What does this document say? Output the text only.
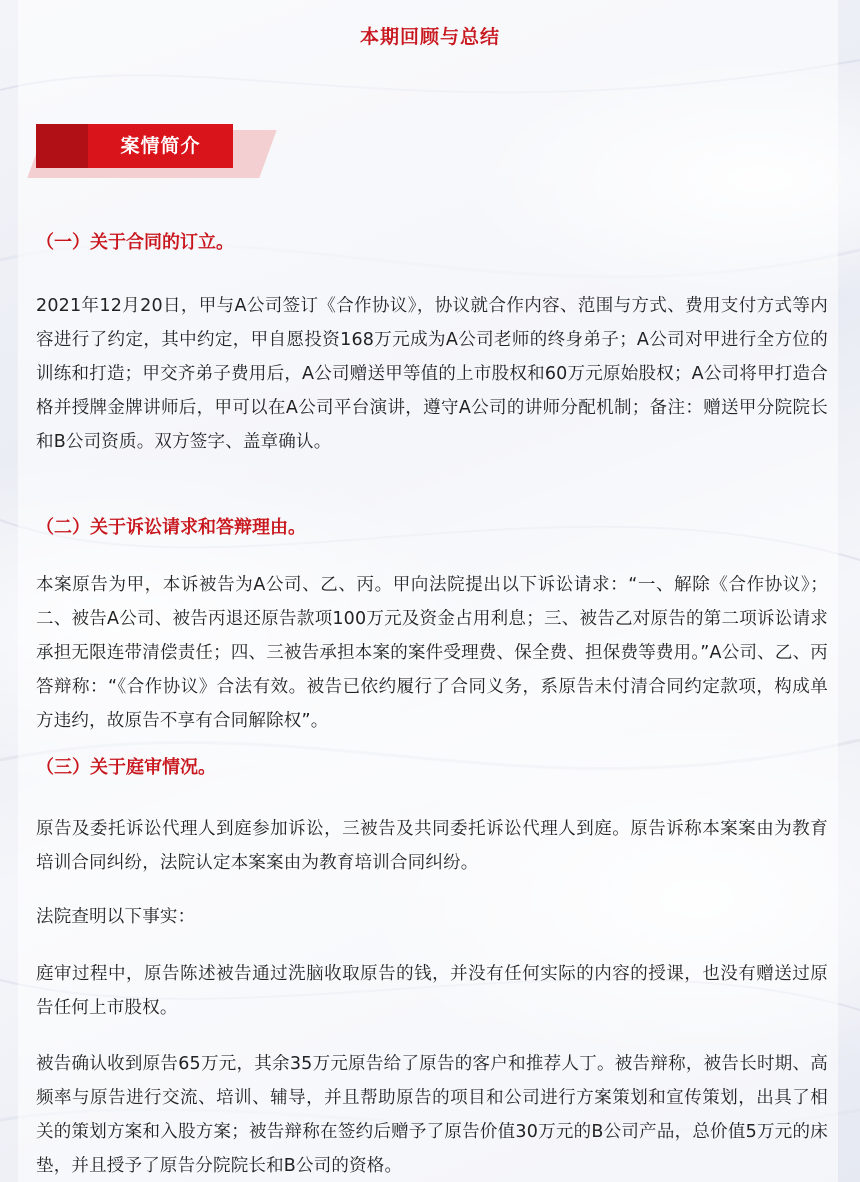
本期回顾与总结
案情简介
（一）关于合同的订立。
2021年12月20日，甲与A公司签订《合作协议》，协议就合作内容、范围与方式、费用支付方式等内容进行了约定，其中约定，甲自愿投资168万元成为A公司老师的终身弟子；A公司对甲进行全方位的训练和打造；甲交齐弟子费用后，A公司赠送甲等值的上市股权和60万元原始股权；A公司将甲打造合格并授牌金牌讲师后，甲可以在A公司平台演讲，遵守A公司的讲师分配机制；备注：赠送甲分院院长和B公司资质。双方签字、盖章确认。
（二）关于诉讼请求和答辩理由。
本案原告为甲，本诉被告为A公司、乙、丙。甲向法院提出以下诉讼请求：“一、解除《合作协议》；二、被告A公司、被告丙退还原告款项100万元及资金占用利息；三、被告乙对原告的第二项诉讼请求承担无限连带清偿责任；四、三被告承担本案的案件受理费、保全费、担保费等费用。”A公司、乙、丙答辩称：“《合作协议》合法有效。被告已依约履行了合同义务，系原告未付清合同约定款项，构成单方违约，故原告不享有合同解除权”。
（三）关于庭审情况。
原告及委托诉讼代理人到庭参加诉讼，三被告及共同委托诉讼代理人到庭。原告诉称本案案由为教育培训合同纠纷，法院认定本案案由为教育培训合同纠纷。
法院查明以下事实：
庭审过程中，原告陈述被告通过洗脑收取原告的钱，并没有任何实际的内容的授课，也没有赠送过原告任何上市股权。
被告确认收到原告65万元，其余35万元原告给了原告的客户和推荐人丁。被告辩称，被告长时期、高频率与原告进行交流、培训、辅导，并且帮助原告的项目和公司进行方案策划和宣传策划，出具了相关的策划方案和入股方案；被告辩称在签约后赠予了原告价值30万元的B公司产品，总价值5万元的床垫，并且授予了原告分院院长和B公司的资格。
